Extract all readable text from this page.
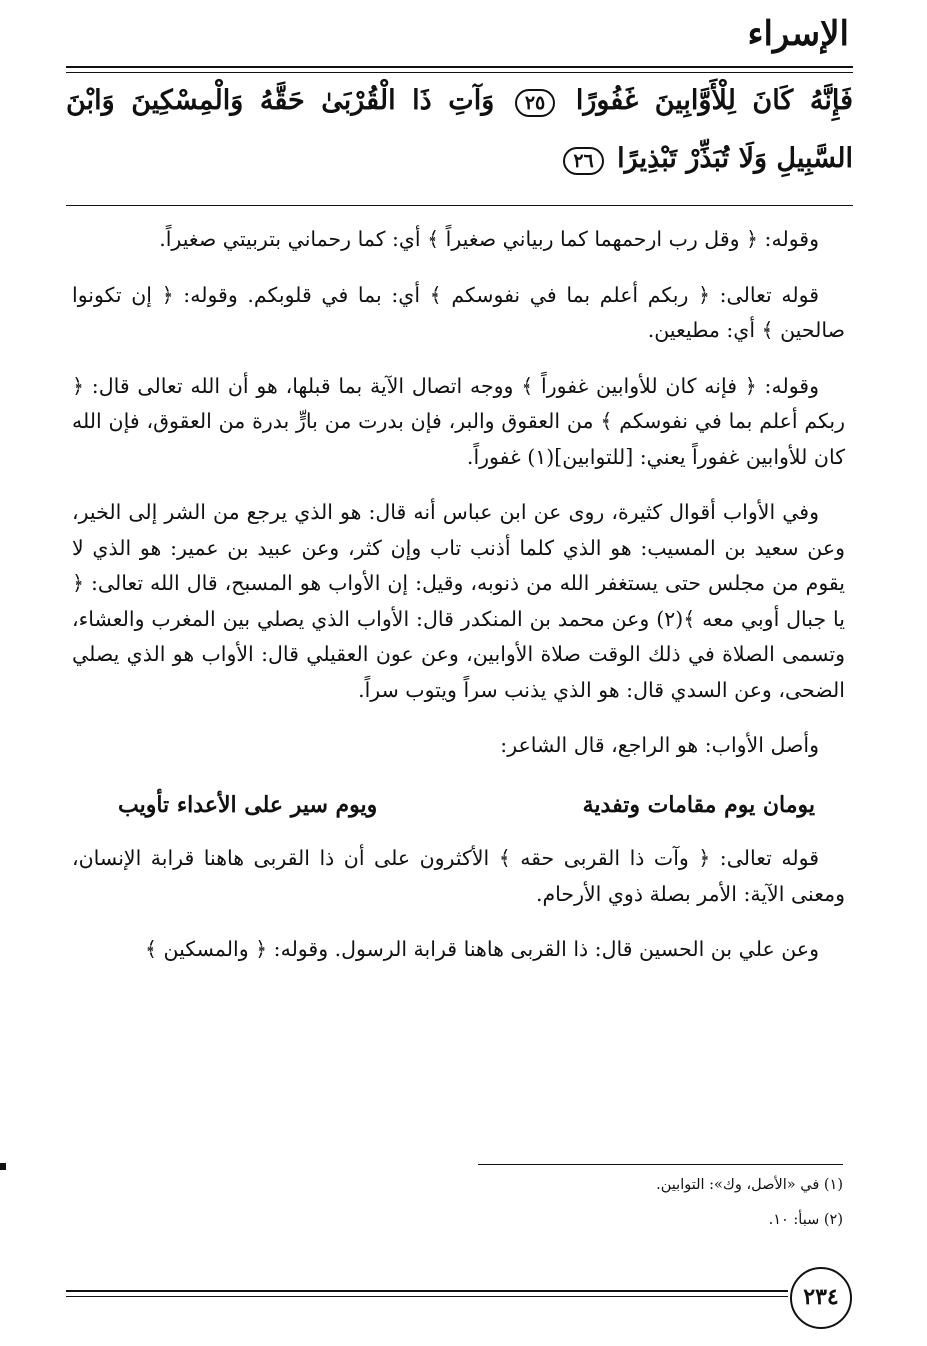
الإسراء
فَإِنَّهُ كَانَ لِلْأَوَّابِينَ غَفُورًا ٢٥ وَآتِ ذَا الْقُرْبَىٰ حَقَّهُ وَالْمِسْكِينَ وَابْنَ السَّبِيلِ وَلَا تُبَذِّرْ تَبْذِيرًا ٢٦

وقوله: ﴿ وقل رب ارحمهما كما ربياني صغيراً ﴾ أي: كما رحماني بتربيتي صغيراً.

قوله تعالى: ﴿ ربكم أعلم بما في نفوسكم ﴾ أي: بما في قلوبكم. وقوله: ﴿ إن تكونوا صالحين ﴾ أي: مطيعين.

وقوله: ﴿ فإنه كان للأوابين غفوراً ﴾ ووجه اتصال الآية بما قبلها، هو أن الله تعالى قال: ﴿ ربكم أعلم بما في نفوسكم ﴾ من العقوق والبر، فإن بدرت من بارٍّ بدرة من العقوق، فإن الله كان للأوابين غفوراً يعني: [للتوابين](١) غفوراً.

وفي الأواب أقوال كثيرة، روى عن ابن عباس أنه قال: هو الذي يرجع من الشر إلى الخير، وعن سعيد بن المسيب: هو الذي كلما أذنب تاب وإن كثر، وعن عبيد بن عمير: هو الذي لا يقوم من مجلس حتى يستغفر الله من ذنوبه، وقيل: إن الأواب هو المسبح، قال الله تعالى: ﴿ يا جبال أوبي معه ﴾(٢) وعن محمد بن المنكدر قال: الأواب الذي يصلي بين المغرب والعشاء، وتسمى الصلاة في ذلك الوقت صلاة الأوابين، وعن عون العقيلي قال: الأواب هو الذي يصلي الضحى، وعن السدي قال: هو الذي يذنب سراً ويتوب سراً.

وأصل الأواب: هو الراجع، قال الشاعر:

يومان يوم مقامات وتفدية
ويوم سير على الأعداء تأويب

قوله تعالى: ﴿ وآت ذا القربى حقه ﴾ الأكثرون على أن ذا القربى هاهنا قرابة الإنسان، ومعنى الآية: الأمر بصلة ذوي الأرحام.

وعن علي بن الحسين قال: ذا القربى هاهنا قرابة الرسول. وقوله: ﴿ والمسكين ﴾

(١) في «الأصل، وك»: التوابين.
(٢) سبأ: ١٠.
٢٣٤
